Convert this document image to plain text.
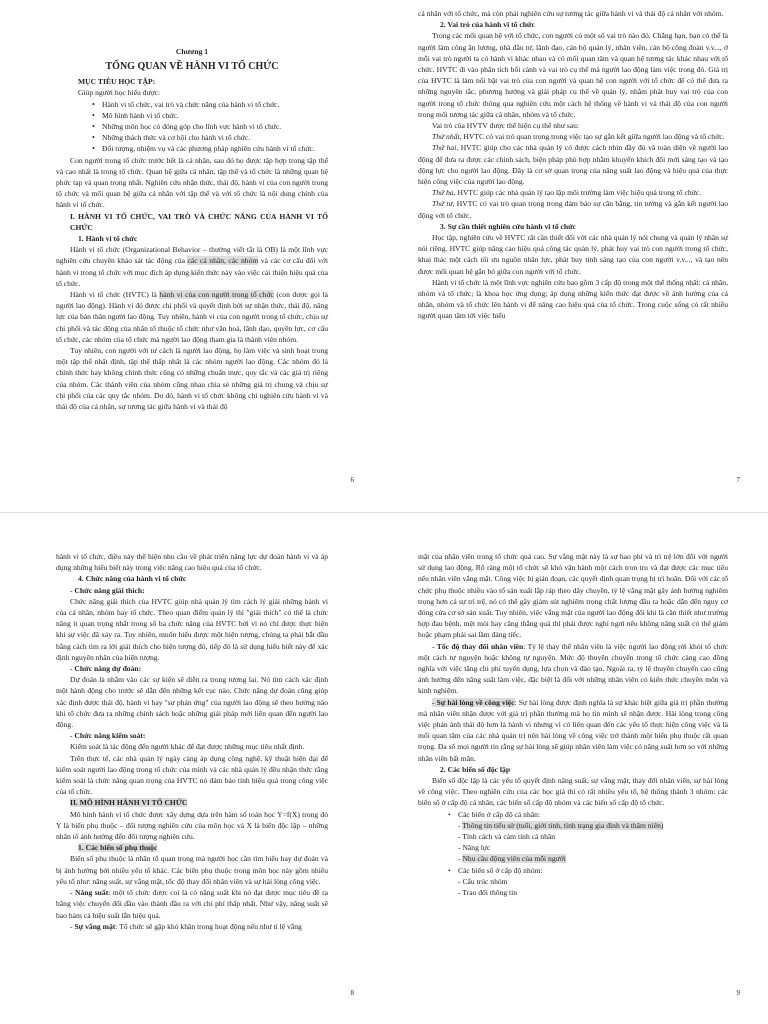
Chương 1

TỔNG QUAN VỀ HÀNH VI TỔ CHỨC

MỤC TIÊU HỌC TẬP:

Giúp người học hiểu được:

• Hành vi tổ chức, vai trò và chức năng của hành vi tổ chức.
• Mô hình hành vi tổ chức.
• Những môn học có đóng góp cho lĩnh vực hành vi tổ chức.
• Những thách thức và cơ hội cho hành vi tổ chức.
• Đối tượng, nhiệm vụ và các phương pháp nghiên cứu hành vi tổ chức.

Con người trong tổ chức trước hết là cá nhân, sau đó họ được tập hợp trong tập thể và cao nhất là trong tổ chức. Quan hệ giữa cá nhân, tập thể và tổ chức là những quan hệ phức tạp và quan trọng nhất. Nghiên cứu nhận thức, thái độ, hành vi của con người trong tổ chức và mối quan hệ giữa cá nhân với tập thể và với tổ chức là nội dung chính của hành vi tổ chức.

I. HÀNH VI TỔ CHỨC, VAI TRÒ VÀ CHỨC NĂNG CỦA HÀNH VI TỔ CHỨC

1. Hành vi tổ chức

Hành vi tổ chức (Organizational Behavior – thường viết tắt là OB) là một lĩnh vực nghiên cứu chuyên khảo sát tác động của các cá nhân, các nhóm và các cơ cấu đối với hành vi trong tổ chức với mục đích áp dụng kiến thức này vào việc cải thiện hiệu quả của tổ chức.

Hành vi tổ chức (HVTC) là hành vi của con người trong tổ chức (con được gọi là người lao động). Hành vi đó được chi phối và quyết định bởi sự nhận thức, thái độ, năng lực của bản thân người lao động. Tuy nhiên, hành vi của con người trong tổ chức, chịu sự chi phối và tác động của nhân tố thuộc tổ chức như văn hoá, lãnh đạo, quyền lực, cơ cấu tổ chức, các nhóm của tổ chức mà người lao động tham gia là thành viên nhóm.

Tuy nhiên, con người với tư cách là người lao động, họ làm việc và sinh hoạt trong một tập thể nhất định, tập thể thấp nhất là các nhóm người lao động. Các nhóm đó là chính thức hay không chính thức cũng có những chuẩn mực, quy tắc và các giá trị riêng của nhóm. Các thành viên của nhóm cũng nhau chia sẻ những giá trị chung và chịu sự chi phối của các quy tắc nhóm. Do đó, hành vi tổ chức không chỉ nghiên cứu hành vi và thái độ của cá nhân, sự tương tác giữa hành vi và thái độ

6

cá nhân với tổ chức, mà còn phải nghiên cứu sự tương tác giữa hành vi và thái độ cá nhân với nhóm.

2. Vai trò của hành vi tổ chức

Trong các mối quan hệ với tổ chức, con người có một số vai trò nào đó. Chẳng hạn, bạn có thể là người làm công ăn lương, nhà đầu tư, lãnh đạo, cán bộ quản lý, nhân viên, cán bộ công đoàn v.v..., ở mỗi vai trò người ta có hành vi khác nhau và có mối quan tâm và quan hệ tương tác khác nhau với tổ chức. HVTC đi vào phân tích bối cảnh và vai trò cụ thể mà người lao động làm việc trong đó. Giá trị của HVTC là làm nổi bật vai trò của con người và quan hệ con người với tổ chức để có thể đưa ra những nguyên tắc, phương hướng và giải pháp cụ thể về quản lý, nhằm phát huy vai trò của con người trong tổ chức thông qua nghiên cứu một cách hệ thống về hành vi và thái độ của con người trong mối tương tác giữa cá nhân, nhóm và tổ chức.

Vai trò của HVTV được thể hiện cụ thể như sau:

Thứ nhất, HVTC có vai trò quan trọng trong việc tạo sự gắn kết giữa người lao động và tổ chức.

Thứ hai, HVTC giúp cho các nhà quản lý có được cách nhìn đầy đủ và toàn diện về người lao động để đưa ra được các chính sách, biện pháp phù hợp nhằm khuyến khích đối mới sáng tạo và tạo động lực cho người lao động. Đây là cơ sở quan trọng của năng suất lao động và hiệu quả của thực hiện công việc của người lao động.

Thứ ba, HVTC giúp các nhà quản lý tạo lập môi trường làm việc hiệu quả trong tổ chức.

Thứ tư, HVTC có vai trò quan trọng trong đảm bảo sự cân bằng, tin tưởng và gắn kết người lao động với tổ chức.

3. Sự cần thiết nghiên cứu hành vi tổ chức

Học tập, nghiên cứu về HVTC rất cần thiết đối với các nhà quản lý nói chung và quản lý nhân sự nói riêng. HVTC giúp nâng cao hiệu quả công tác quản lý, phát huy vai trò con người trong tổ chức, khai thác một cách tối ưu nguồn nhân lực, phát huy tinh sáng tạo của con người v.v..., và tạo nên được mối quan hệ gắn bó giữa con người với tổ chức.

Hành vi tổ chức là một lĩnh vực nghiên cứu bao gồm 3 cấp độ trong một thể thống nhất: cá nhân, nhóm và tổ chức; là khoa học ứng dụng; áp dụng những kiến thức đạt được về ảnh hưởng của cá nhân, nhóm và tổ chức lên hành vi để nâng cao hiệu quả của tổ chức. Trong cuộc sống có rất nhiều người quan tâm tới việc hiểu

7

hành vi tổ chức, điều này thể hiện nhu cầu về phát triển năng lực dự đoán hành vi và áp dụng những hiểu biết này trong việc nâng cao hiệu quả của tổ chức.

4. Chức năng của hành vi tổ chức

- Chức năng giải thích:

Chức năng giải thích của HVTC giúp nhà quản lý tìm cách lý giải những hành vi của cá nhân, nhóm hay tổ chức. Theo quan điểm quản lý thì "giải thích" có thể là chức năng ít quan trọng nhất trong số ba chức năng của HVTC bởi vì nó chỉ được thực hiện khi sự việc đã xảy ra. Tuy nhiên, muốn hiểu được một hiện tượng, chúng ta phải bắt đầu bằng cách tìm ra lời giải thích cho hiện tượng đó, tiếp đó là sử dụng hiểu biết này để xác định nguyên nhân của hiện tượng.

- Chức năng dự đoán:

Dự đoán là nhằm vào các sự kiện sẽ diễn ra trong tương lai. Nó tìm cách xác định một hành động cho trước sẽ dẫn đến những kết cục nào. Chức năng dự đoán cũng giúp xác định được thái độ, hành vi hay "sự phản ứng" của người lao động sẽ theo hướng nào khi tổ chức đưa ra những chính sách hoặc những giải pháp mới liên quan đến người lao động.

- Chức năng kiểm soát:

Kiểm soát là tác động đến người khác để đạt được những mục tiêu nhất định.

Trên thực tế, các nhà quản lý ngày càng áp dụng công nghệ, kỹ thuật hiện đại để kiểm soát người lao động trong tổ chức của mình và các nhà quản lý đều nhận thức rằng kiểm soát là chức năng quan trọng của HVTC nó đảm bảo tính hiệu quả trong công việc của tổ chức.

II. MÔ HÌNH HÀNH VI TỔ CHỨC

Mô hình hành vi tổ chức được xây dựng dựa trên hàm số toán học Y=f(X) trong đó Y là biến phụ thuộc – đối tượng nghiên cứu của môn học và X là biến độc lập – những nhân tố ảnh hưởng đến đối tượng nghiên cứu.

1. Các biến số phụ thuộc

Biến số phụ thuộc là nhân tố quan trọng mà người học cần tìm hiểu hay dự đoán và bị ảnh hưởng bởi nhiều yếu tố khác. Các biến phụ thuộc trong môn học này gồm nhiều yếu tố như: năng suất, sự vắng mặt, tốc độ thay đổi nhân viên và sự hài lòng công việc.

- Năng suất: một tổ chức được coi là có năng suất khi nó đạt được mục tiêu đề ra bằng việc chuyển đổi đầu vào thành đầu ra với chi phí thấp nhất. Như vậy, năng suất sẽ bao hàm cả hiệu suất lẫn hiệu quả.

- Sự vắng mặt: Tổ chức sẽ gặp khó khăn trong hoạt động nếu như tỉ lệ vắng

8

mặt của nhân viên trong tổ chức quá cao. Sự vắng mặt này là sự hao phí và trì trệ lớn đối với người sử dụng lao động. Rõ ràng một tổ chức sẽ khó vận hành một cách tron tru và đạt được các mục tiêu nếu nhân viên vắng mặt. Công việc bị gián đoạn, các quyết định quan trọng bị trì hoãn. Đối với các tổ chức phụ thuộc nhiều vào tổ sản xuất lắp ráp theo dây chuyền, tỷ lệ vắng mặt gây ảnh hưởng nghiêm trọng hơn cả sự trì trệ, nó có thể gây giảm sút nghiêm trọng chất lượng đầu ra hoặc dẫn đến nguy cơ đóng cửa cơ sở sản xuất. Tuy nhiên, việc vắng mặt của người lao động đôi khi là cần thiết như trường hợp đau bệnh, mệt mỏi hay căng thẳng quá thì phải được nghỉ ngơi nếu không năng suất có thể giảm hoặc phạm phải sai lầm đáng tiếc.

- Tốc độ thay đổi nhân viên: Tỷ lệ thay thế nhân viên là việc người lao động rời khỏi tổ chức một cách tự nguyện hoặc không tự nguyện. Mức độ thuyên chuyển trong tổ chức càng cao đồng nghĩa với việc tăng chi phí tuyển dụng, lựa chọn và đào tạo. Ngoài ra, tỷ lệ thuyên chuyển cao cũng ảnh hưởng đến năng suất làm việc, đặc biệt là đối với những nhân viên có kiến thức chuyên môn và kinh nghiệm.

- Sự hài lòng về công việc: Sự hài lòng được định nghĩa là sự khác biệt giữa giá trị phần thưởng mà nhân viên nhận được với giá trị phần thưởng mà họ tin mình sẽ nhận được. Hài lòng trong công việc phản ánh thái độ hơn là hành vi nhưng vì có liên quan đến các yếu tố thực hiện công việc và là mối quan tâm của các nhà quản trị nên hài lòng về công việc trở thành một biến phụ thuộc rất quan trọng. Đa số mọi người tin rằng sự hài lòng sẽ giúp nhân viên làm việc có năng suất hơn so với những nhân viên bất mãn.

2. Các biến số độc lập

Biến số độc lập là các yếu tố quyết định năng suất, sự vắng mặt, thay đổi nhân viên, sự hài lòng về công việc. Theo nghiên cứu của các học giả thì có rất nhiều yếu tố, hệ thống thành 3 nhóm: các biến số ở cấp độ cá nhân, các biến số cấp độ nhóm và các biến số cấp độ tổ chức.

• Các biến ở cấp độ cá nhân:

- Thông tin tiểu sử (tuổi, giới tính, tình trạng gia đình và thâm niên)

- Tính cách và cảm tính cá nhân

- Năng lực

- Nhu cầu động viên của mỗi người

• Các biến số ở cấp độ nhóm:

- Cấu trúc nhóm

- Trao đổi thông tin

9
